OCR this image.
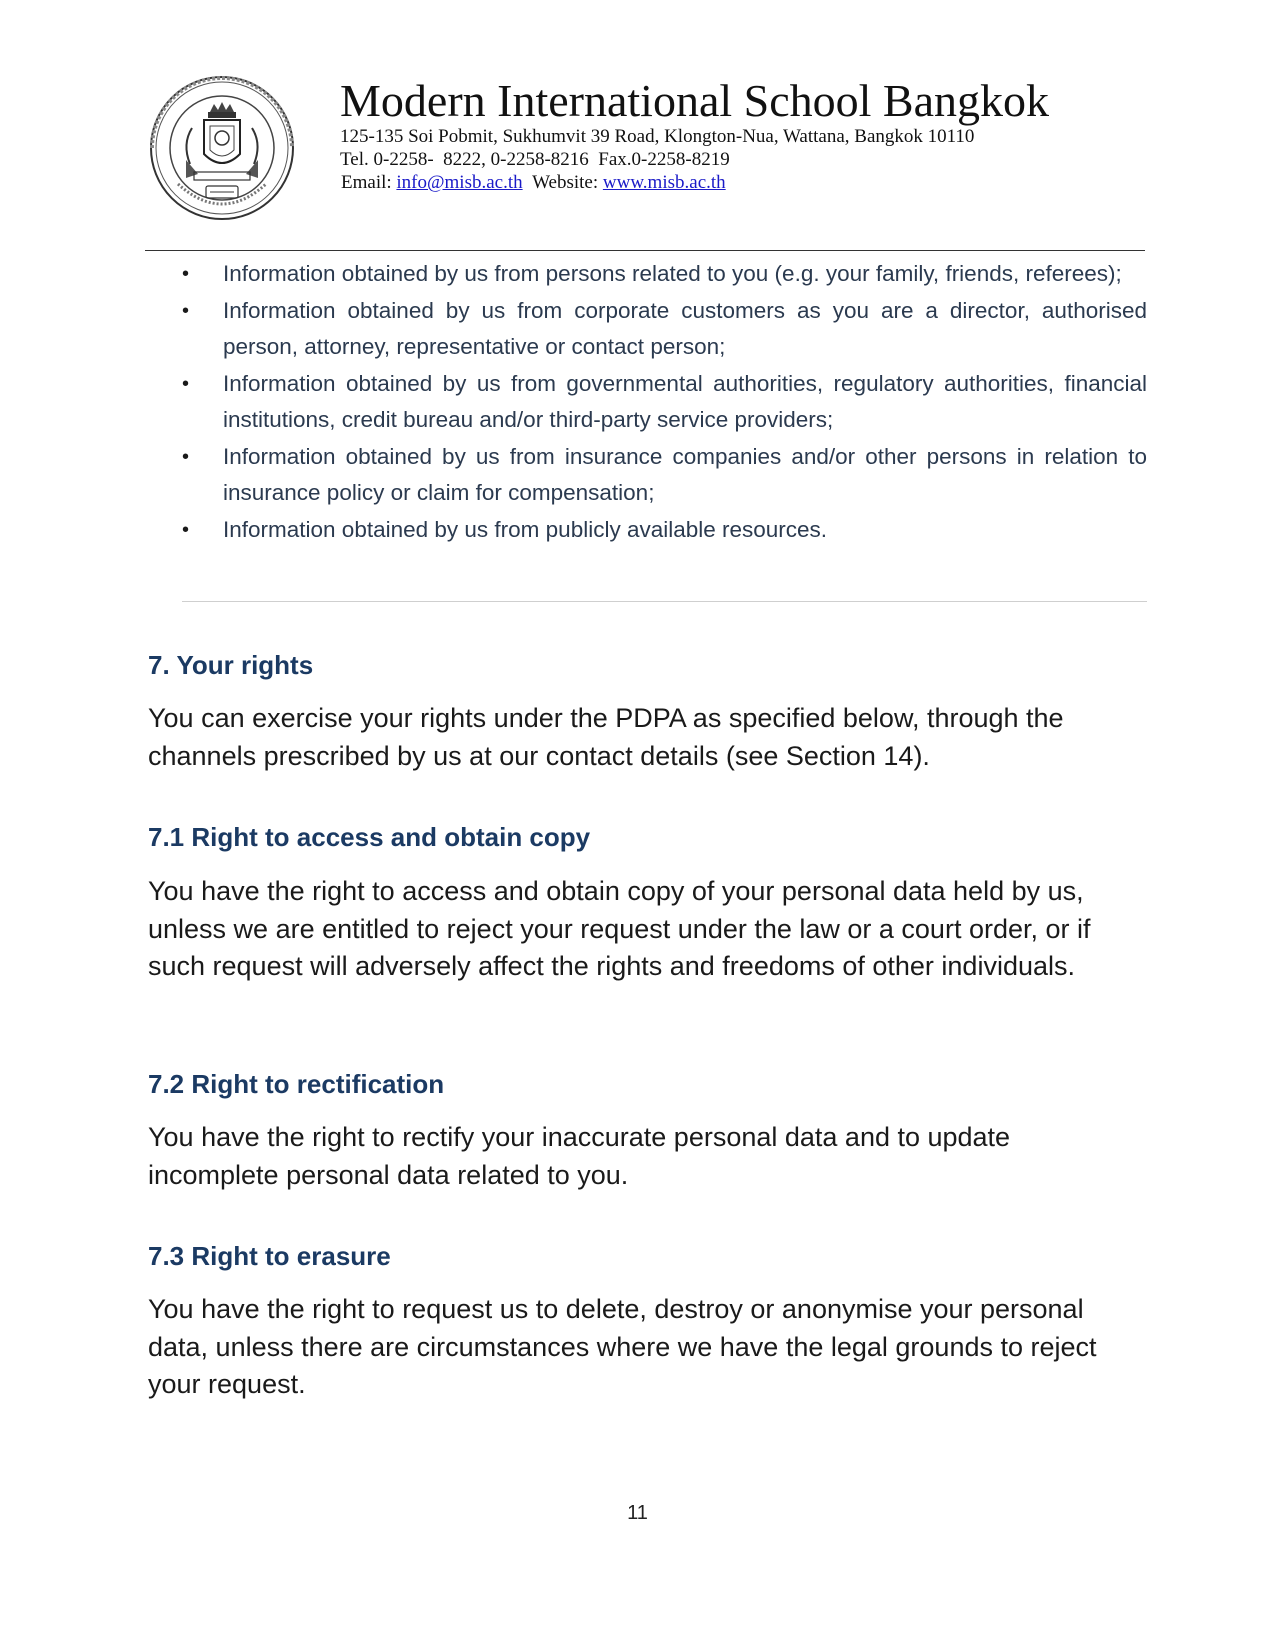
Modern International School Bangkok
125-135 Soi Pobmit, Sukhumvit 39 Road, Klongton-Nua, Wattana, Bangkok 10110
Tel. 0-2258-  8222, 0-2258-8216  Fax.0-2258-8219
Email: info@misb.ac.th Website: www.misb.ac.th
• Information obtained by us from persons related to you (e.g. your family, friends, referees);
• Information obtained by us from corporate customers as you are a director, authorised person, attorney, representative or contact person;
• Information obtained by us from governmental authorities, regulatory authorities, financial institutions, credit bureau and/or third-party service providers;
• Information obtained by us from insurance companies and/or other persons in relation to insurance policy or claim for compensation;
• Information obtained by us from publicly available resources.
7. Your rights
You can exercise your rights under the PDPA as specified below, through the channels prescribed by us at our contact details (see Section 14).
7.1 Right to access and obtain copy
You have the right to access and obtain copy of your personal data held by us, unless we are entitled to reject your request under the law or a court order, or if such request will adversely affect the rights and freedoms of other individuals.
7.2 Right to rectification
You have the right to rectify your inaccurate personal data and to update incomplete personal data related to you.
7.3 Right to erasure
You have the right to request us to delete, destroy or anonymise your personal data, unless there are circumstances where we have the legal grounds to reject your request.
11
